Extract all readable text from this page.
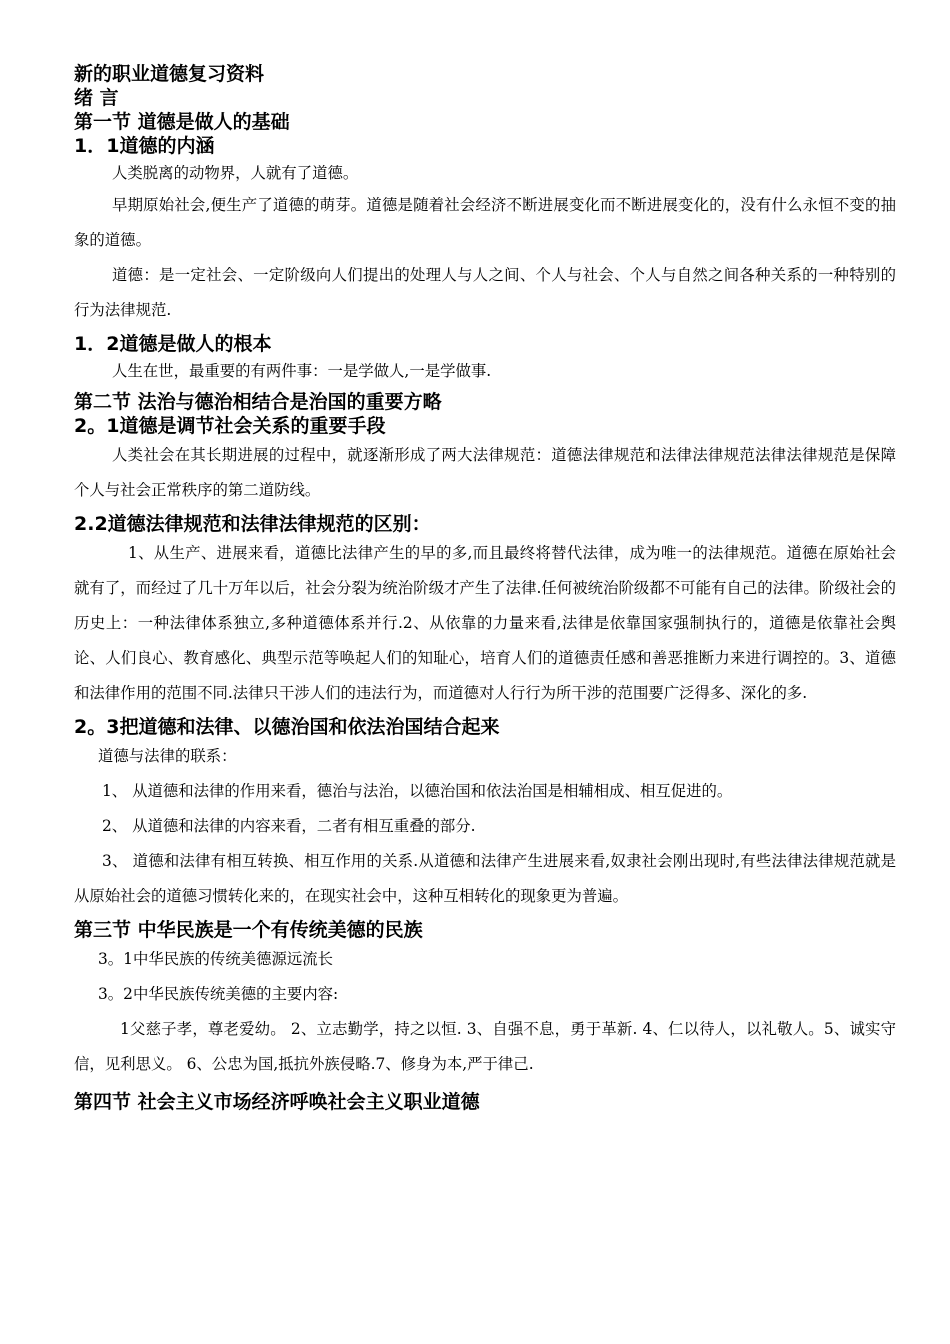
新的职业道德复习资料
绪 言
第一节 道德是做人的基础
1．1道德的内涵

人类脱离的动物界，人就有了道德。

早期原始社会,便生产了道德的萌芽。道德是随着社会经济不断进展变化而不断进展变化的，没有什么永恒不变的抽象的道德。

道德：是一定社会、一定阶级向人们提出的处理人与人之间、个人与社会、个人与自然之间各种关系的一种特别的行为法律规范.

1．2道德是做人的根本

人生在世，最重要的有两件事：一是学做人,一是学做事.

第二节 法治与德治相结合是治国的重要方略
2。1道德是调节社会关系的重要手段

人类社会在其长期进展的过程中，就逐渐形成了两大法律规范：道德法律规范和法律法律规范法律法律规范是保障个人与社会正常秩序的第二道防线。

2.2道德法律规范和法律法律规范的区别：

1、从生产、进展来看，道德比法律产生的早的多,而且最终将替代法律，成为唯一的法律规范。道德在原始社会就有了，而经过了几十万年以后，社会分裂为统治阶级才产生了法律.任何被统治阶级都不可能有自己的法律。阶级社会的历史上：一种法律体系独立,多种道德体系并行.2、从依靠的力量来看,法律是依靠国家强制执行的，道德是依靠社会舆论、人们良心、教育感化、典型示范等唤起人们的知耻心，培育人们的道德责任感和善恶推断力来进行调控的。3、道德和法律作用的范围不同.法律只干涉人们的违法行为，而道德对人行行为所干涉的范围要广泛得多、深化的多.

2。3把道德和法律、以德治国和依法治国结合起来

道德与法律的联系：

1、 从道德和法律的作用来看，德治与法治，以德治国和依法治国是相辅相成、相互促进的。

2、 从道德和法律的内容来看，二者有相互重叠的部分.

3、 道德和法律有相互转换、相互作用的关系.从道德和法律产生进展来看,奴隶社会刚出现时,有些法律法律规范就是从原始社会的道德习惯转化来的，在现实社会中，这种互相转化的现象更为普遍。

第三节 中华民族是一个有传统美德的民族

3。1中华民族的传统美德源远流长

3。2中华民族传统美德的主要内容:

1父慈子孝，尊老爱幼。 2、立志勤学，持之以恒. 3、自强不息，勇于革新. 4、仁以待人，以礼敬人。5、诚实守信，见利思义。 6、公忠为国,抵抗外族侵略.7、修身为本,严于律己.

第四节 社会主义市场经济呼唤社会主义职业道德
